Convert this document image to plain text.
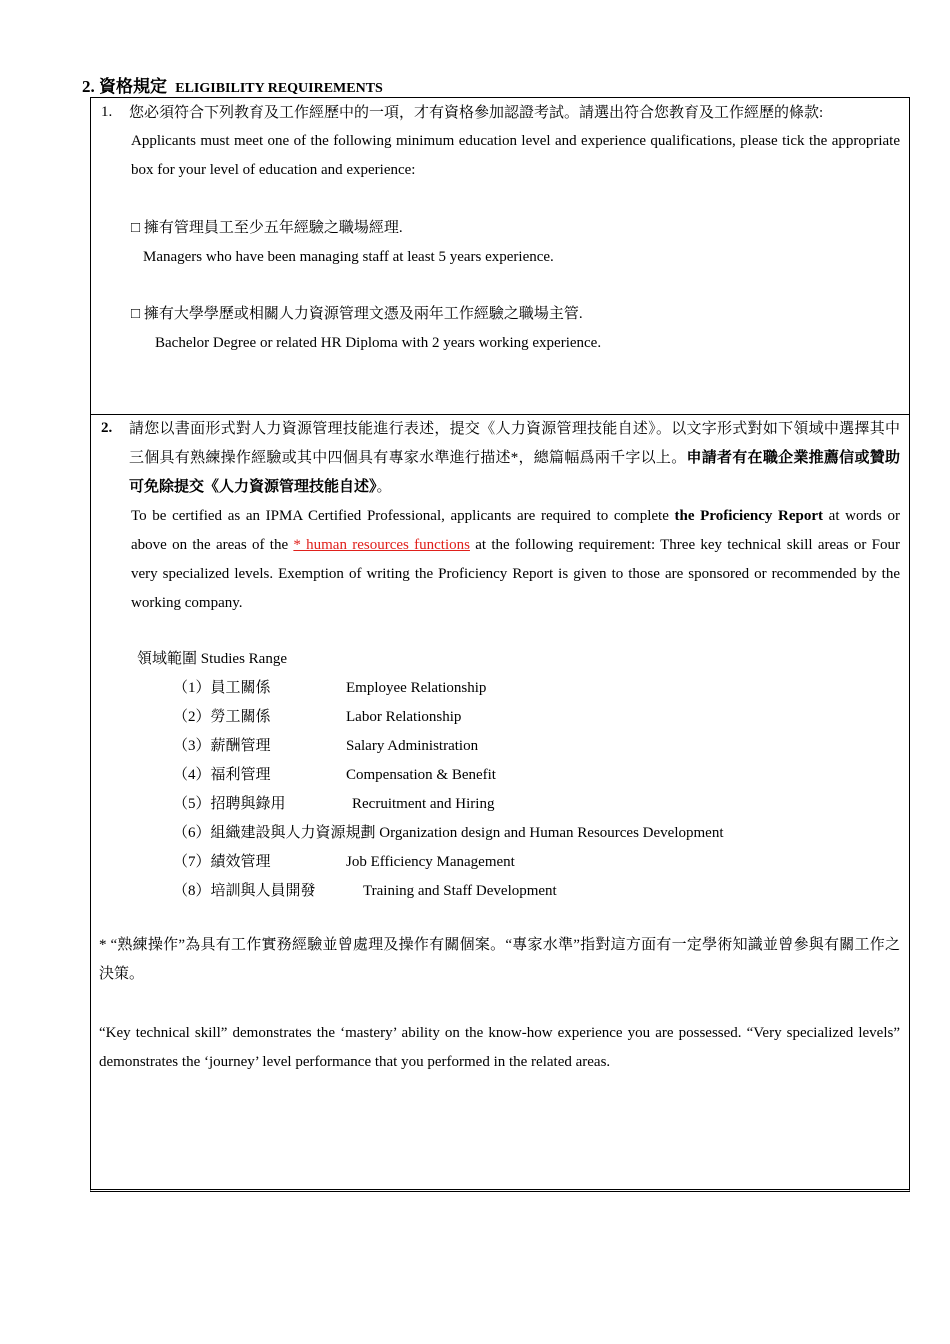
2. 資格規定 ELIGIBILITY REQUIREMENTS
1. 您必須符合下列教育及工作經歷中的一項，才有資格參加認證考試。請選出符合您教育及工作經歷的條款:
Applicants must meet one of the following minimum education level and experience qualifications, please tick the appropriate box for your level of education and experience:
□ 擁有管理員工至少五年經驗之職場經理.
Managers who have been managing staff at least 5 years experience.
□ 擁有大學學歷或相關人力資源管理文憑及兩年工作經驗之職場主管.
Bachelor Degree or related HR Diploma with 2 years working experience.
2. 請您以書面形式對人力資源管理技能進行表述，提交《人力資源管理技能自述》。以文字形式對如下領域中選擇其中三個具有熟練操作經驗或其中四個具有專家水準進行描述*，總篇幅爲兩千字以上。申請者有在職企業推薦信或贊助可免除提交《人力資源管理技能自述》。
To be certified as an IPMA Certified Professional, applicants are required to complete the Proficiency Report at words or above on the areas of the * human resources functions at the following requirement: Three key technical skill areas or Four very specialized levels. Exemption of writing the Proficiency Report is given to those are sponsored or recommended by the working company.
領域範圍 Studies Range
（1）員工關係	Employee Relationship
（2）勞工關係	Labor Relationship
（3）薪酬管理	Salary Administration
（4）福利管理	Compensation & Benefit
（5）招聘與錄用	Recruitment and Hiring
（6）組織建設與人力資源規劃 Organization design and Human Resources Development
（7）績效管理	Job Efficiency Management
（8）培訓與人員開發	Training and Staff Development
* “熟練操作”為具有工作實務經驗並曾處理及操作有關個案。“專家水準”指對這方面有一定學術知識並曾參與有關工作之決策。
“Key technical skill” demonstrates the ‘mastery’ ability on the know-how experience you are possessed. “Very specialized levels” demonstrates the ‘journey’ level performance that you performed in the related areas.
